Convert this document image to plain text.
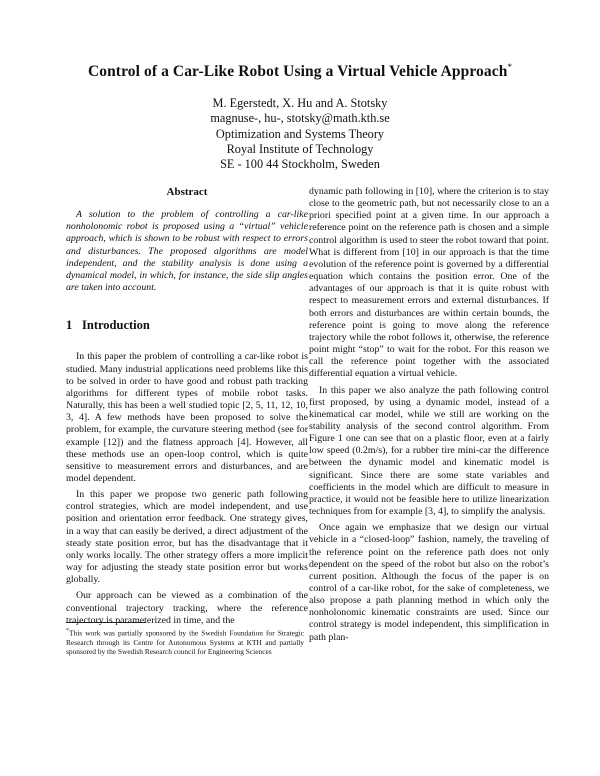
Control of a Car-Like Robot Using a Virtual Vehicle Approach*
M. Egerstedt, X. Hu and A. Stotsky
magnuse-, hu-, stotsky@math.kth.se
Optimization and Systems Theory
Royal Institute of Technology
SE - 100 44 Stockholm, Sweden
Abstract

A solution to the problem of controlling a car-like nonholonomic robot is proposed using a “virtual” vehicle approach, which is shown to be robust with respect to errors and disturbances. The proposed algorithms are model independent, and the stability analysis is done using a dynamical model, in which, for instance, the side slip angles are taken into account.

1 Introduction

In this paper the problem of controlling a car-like robot is studied. Many industrial applications need problems like this to be solved in order to have good and robust path tracking algorithms for different types of mobile robot tasks. Naturally, this has been a well studied topic [2, 5, 11, 12, 10, 3, 4]. A few methods have been proposed to solve the problem, for example, the curvature steering method (see for example [12]) and the flatness approach [4]. However, all these methods use an open-loop control, which is quite sensitive to measurement errors and disturbances, and are model dependent.

In this paper we propose two generic path following control strategies, which are model independent, and use position and orientation error feedback. One strategy gives, in a way that can easily be derived, a direct adjustment of the steady state position error, but has the disadvantage that it only works locally. The other strategy offers a more implicit way for adjusting the steady state position error but works globally.

Our approach can be viewed as a combination of the conventional trajectory tracking, where the reference trajectory is parameterized in time, and the

dynamic path following in [10], where the criterion is to stay close to the geometric path, but not necessarily close to an a priori specified point at a given time. In our approach a reference point on the reference path is chosen and a simple control algorithm is used to steer the robot toward that point. What is different from [10] in our approach is that the time evolution of the reference point is governed by a differential equation which contains the position error. One of the advantages of our approach is that it is quite robust with respect to measurement errors and external disturbances. If both errors and disturbances are within certain bounds, the reference point is going to move along the reference trajectory while the robot follows it, otherwise, the reference point might “stop” to wait for the robot. For this reason we call the reference point together with the associated differential equation a virtual vehicle.

In this paper we also analyze the path following control first proposed, by using a dynamic model, instead of a kinematical car model, while we still are working on the stability analysis of the second control algorithm. From Figure 1 one can see that on a plastic floor, even at a fairly low speed (0.2m/s), for a rubber tire mini-car the difference between the dynamic model and kinematic model is significant. Since there are some state variables and coefficients in the model which are difficult to measure in practice, it would not be feasible here to utilize linearization techniques from for example [3, 4], to simplify the analysis.

Once again we emphasize that we design our virtual vehicle in a “closed-loop” fashion, namely, the traveling of the reference point on the reference path does not only dependent on the speed of the robot but also on the robot’s current position. Although the focus of the paper is on control of a car-like robot, for the sake of completeness, we also propose a path planning method in which only the nonholonomic kinematic constraints are used. Since our control strategy is model independent, this simplification in path plan-

*This work was partially sponsored by the Swedish Foundation for Strategic Research through its Centre for Autonomous Systems at KTH and partially sponsored by the Swedish Research council for Engineering Sciences
